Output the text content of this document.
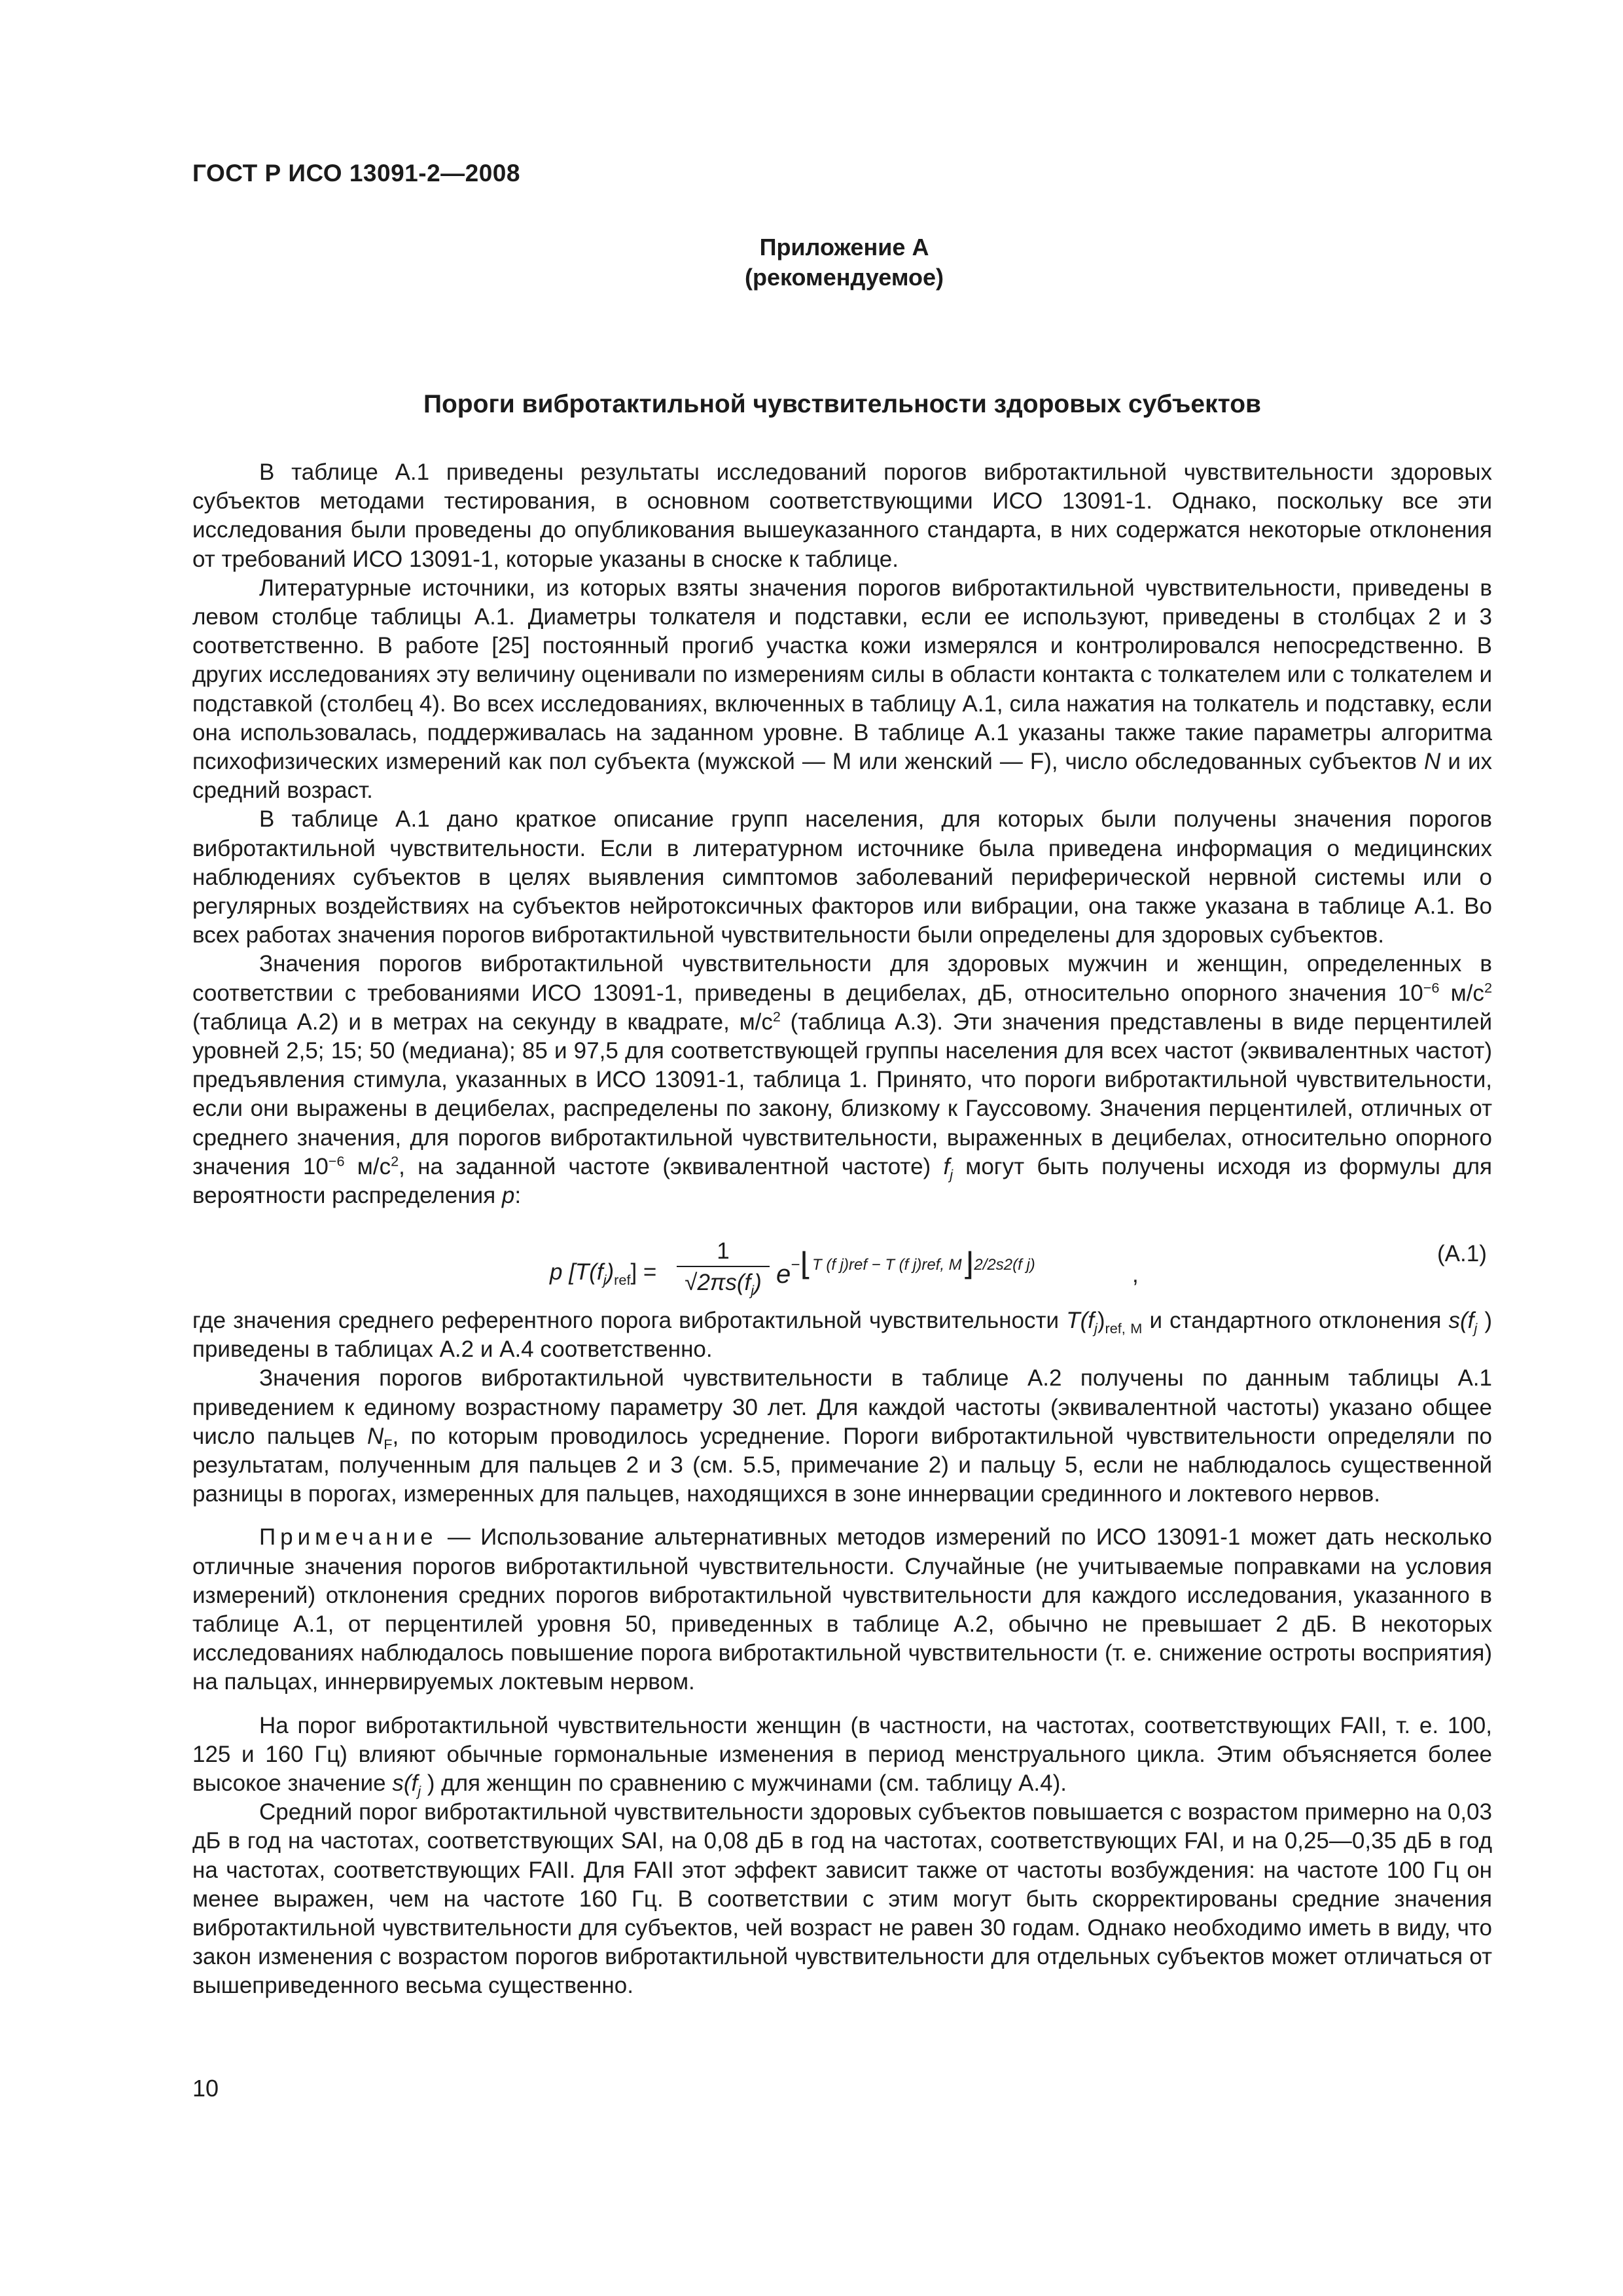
ГОСТ Р ИСО 13091-2—2008
Приложение А
(рекомендуемое)
Пороги вибротактильной чувствительности здоровых субъектов

В таблице А.1 приведены результаты исследований порогов вибротактильной чувствительности здоровых субъектов методами тестирования, в основном соответствующими ИСО 13091-1. Однако, поскольку все эти исследования были проведены до опубликования вышеуказанного стандарта, в них содержатся некоторые отклонения от требований ИСО 13091-1, которые указаны в сноске к таблице.

Литературные источники, из которых взяты значения порогов вибротактильной чувствительности, приведены в левом столбце таблицы А.1. Диаметры толкателя и подставки, если ее используют, приведены в столбцах 2 и 3 соответственно. В работе [25] постоянный прогиб участка кожи измерялся и контролировался непосредственно. В других исследованиях эту величину оценивали по измерениям силы в области контакта с толкателем или с толкателем и подставкой (столбец 4). Во всех исследованиях, включенных в таблицу А.1, сила нажатия на толкатель и подставку, если она использовалась, поддерживалась на заданном уровне. В таблице А.1 указаны также такие параметры алгоритма психофизических измерений как пол субъекта (мужской — М или женский — F), число обследованных субъектов N и их средний возраст.

В таблице А.1 дано краткое описание групп населения, для которых были получены значения порогов вибротактильной чувствительности. Если в литературном источнике была приведена информация о медицинских наблюдениях субъектов в целях выявления симптомов заболеваний периферической нервной системы или о регулярных воздействиях на субъектов нейротоксичных факторов или вибрации, она также указана в таблице А.1. Во всех работах значения порогов вибротактильной чувствительности были определены для здоровых субъектов.

Значения порогов вибротактильной чувствительности для здоровых мужчин и женщин, определенных в соответствии с требованиями ИСО 13091-1, приведены в децибелах, дБ, относительно опорного значения $10^{-6}$ $м/с^2$ (таблица А.2) и в метрах на секунду в квадрате, $м/с^2$ (таблица А.3). Эти значения представлены в виде перцентилей уровней 2,5; 15; 50 (медиана); 85 и 97,5 для соответствующей группы населения для всех частот (эквивалентных частот) предъявления стимула, указанных в ИСО 13091-1, таблица 1. Принято, что пороги вибротактильной чувствительности, если они выражены в децибелах, распределены по закону, близкому к Гауссовому. Значения перцентилей, отличных от среднего значения, для порогов вибротактильной чувствительности, выраженных в децибелах, относительно опорного значения $10^{-6}$ $м/с^2$, на заданной частоте (эквивалентной частоте) $f_j$ могут быть получены исходя из формулы для вероятности распределения p:

p $[T(f_j)_{ref}]$ =
1
$√2\pi s(f_j)$ e−⌊$^{T (f j)ref - T (f j)ref, M}$⌋$^{2/2s2(f j)}$	,
(А.1)

где значения среднего референтного порога вибротактильной чувствительности $T(f_j)_{ref, M}$ и стандартного отклонения $s(f_j$ ) приведены в таблицах А.2 и А.4 соответственно.

Значения порогов вибротактильной чувствительности в таблице А.2 получены по данным таблицы А.1 приведением к единому возрастному параметру 30 лет. Для каждой частоты (эквивалентной частоты) указано общее число пальцев $N_F$, по которым проводилось усреднение. Пороги вибротактильной чувствительности определяли по результатам, полученным для пальцев 2 и 3 (см. 5.5, примечание 2) и пальцу 5, если не наблюдалось существенной разницы в порогах, измеренных для пальцев, находящихся в зоне иннервации срединного и локтевого нервов.

Примечание — Использование альтернативных методов измерений по ИСО 13091-1 может дать несколько отличные значения порогов вибротактильной чувствительности. Случайные (не учитываемые поправками на условия измерений) отклонения средних порогов вибротактильной чувствительности для каждого исследования, указанного в таблице А.1, от перцентилей уровня 50, приведенных в таблице А.2, обычно не превышает 2 дБ. В некоторых исследованиях наблюдалось повышение порога вибротактильной чувствительности (т. е. снижение остроты восприятия) на пальцах, иннервируемых локтевым нервом.

На порог вибротактильной чувствительности женщин (в частности, на частотах, соответствующих FAII, т. е. 100, 125 и 160 Гц) влияют обычные гормональные изменения в период менструального цикла. Этим объясняется более высокое значение $s(f_j$ ) для женщин по сравнению с мужчинами (см. таблицу А.4).

Средний порог вибротактильной чувствительности здоровых субъектов повышается с возрастом примерно на 0,03 дБ в год на частотах, соответствующих SAI, на 0,08 дБ в год на частотах, соответствующих FAI, и на 0,25—0,35 дБ в год на частотах, соответствующих FAII. Для FAII этот эффект зависит также от частоты возбуждения: на частоте 100 Гц он менее выражен, чем на частоте 160 Гц. В соответствии с этим могут быть скорректированы средние значения вибротактильной чувствительности для субъектов, чей возраст не равен 30 годам. Однако необходимо иметь в виду, что закон изменения с возрастом порогов вибротактильной чувствительности для отдельных субъектов может отличаться от вышеприведенного весьма существенно.

10
